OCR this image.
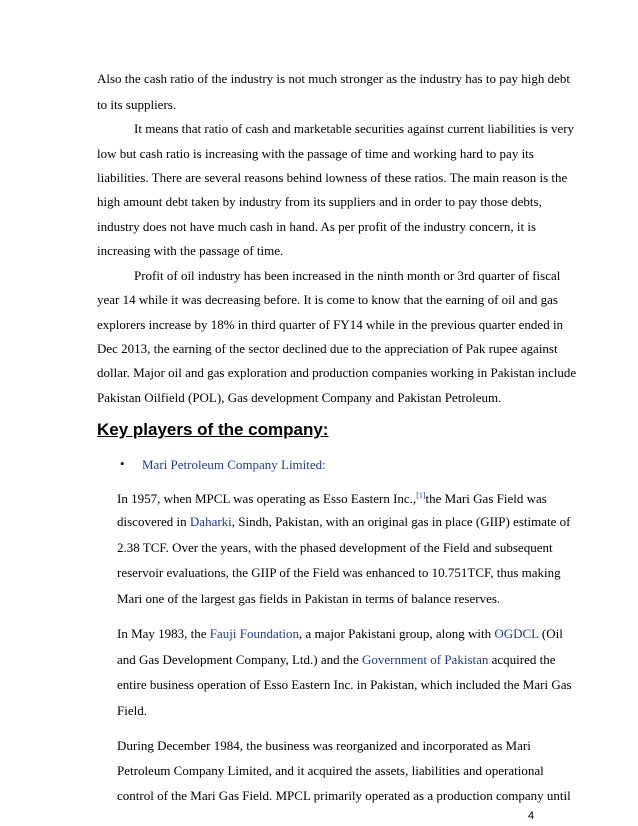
Also the cash ratio of the industry is not much stronger as the industry has to pay high debt
to its suppliers.
It means that ratio of cash and marketable securities against current liabilities is very
low but cash ratio is increasing with the passage of time and working hard to pay its
liabilities. There are several reasons behind lowness of these ratios. The main reason is the
high amount debt taken by industry from its suppliers and in order to pay those debts,
industry does not have much cash in hand. As per profit of the industry concern, it is
increasing with the passage of time.
Profit of oil industry has been increased in the ninth month or 3rd quarter of fiscal
year 14 while it was decreasing before. It is come to know that the earning of oil and gas
explorers increase by 18% in third quarter of FY14 while in the previous quarter ended in
Dec 2013, the earning of the sector declined due to the appreciation of Pak rupee against
dollar. Major oil and gas exploration and production companies working in Pakistan include
Pakistan Oilfield (POL), Gas development Company and Pakistan Petroleum.
Key players of the company:
• Mari Petroleum Company Limited:
In 1957, when MPCL was operating as Esso Eastern Inc.,[1]the Mari Gas Field was
discovered in Daharki, Sindh, Pakistan, with an original gas in place (GIIP) estimate of
2.38 TCF. Over the years, with the phased development of the Field and subsequent
reservoir evaluations, the GIIP of the Field was enhanced to 10.751TCF, thus making
Mari one of the largest gas fields in Pakistan in terms of balance reserves.
In May 1983, the Fauji Foundation, a major Pakistani group, along with OGDCL (Oil
and Gas Development Company, Ltd.) and the Government of Pakistan acquired the
entire business operation of Esso Eastern Inc. in Pakistan, which included the Mari Gas
Field.
During December 1984, the business was reorganized and incorporated as Mari
Petroleum Company Limited, and it acquired the assets, liabilities and operational
control of the Mari Gas Field. MPCL primarily operated as a production company until
4
